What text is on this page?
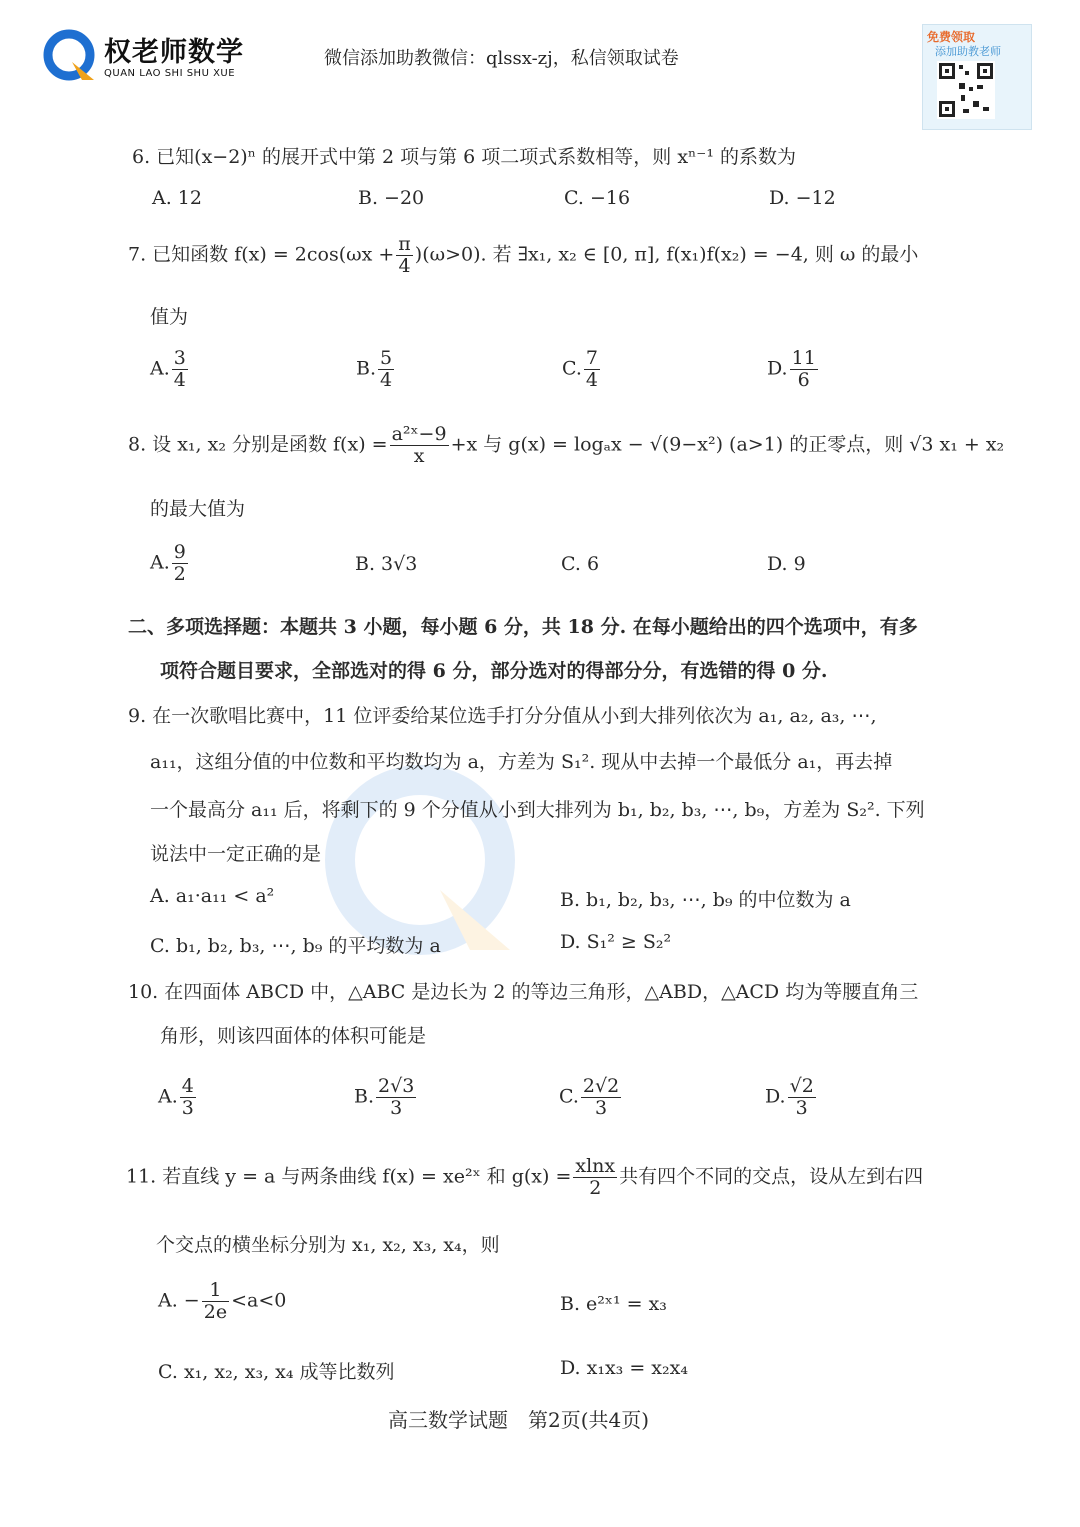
权老师数学
QUAN LAO SHI SHU XUE
微信添加助教微信：qlssx-zj，私信领取试卷
免费领取
添加助教老师
6. 已知(x−2)ⁿ 的展开式中第 2 项与第 6 项二项式系数相等，则 xⁿ⁻¹ 的系数为
A. 12	B. −20	C. −16	D. −12
7. 已知函数 $f(x) = 2\cos(\omega x + \frac{\pi}{4} )(\omega>0)$. 若 ∃x₁, x₂ ∈ [0, π], f(x₁)f(x₂) = −4, 则 ω 的最小
值为
A. $\frac{3}{4}$	B. $\frac{5}{4}$	C. $\frac{7}{4}$	D. $\frac{11}{6}$
8. 设 x₁, x₂ 分别是函数 $f(x) = \frac{\text{a²ˣ−9}}{x} +x$ 与 g(x) = logₐx − √(9−x²) (a>1) 的正零点，则 √3 x₁ + x₂
的最大值为
A. $\frac{9}{2}$	B. 3√3	C. 6	D. 9
二、多项选择题：本题共 3 小题，每小题 6 分，共 18 分. 在每小题给出的四个选项中，有多
项符合题目要求，全部选对的得 6 分，部分选对的得部分分，有选错的得 0 分.
9. 在一次歌唱比赛中，11 位评委给某位选手打分分值从小到大排列依次为 a₁, a₂, a₃, ⋯,
a₁₁，这组分值的中位数和平均数均为 a，方差为 S₁². 现从中去掉一个最低分 a₁，再去掉
一个最高分 a₁₁ 后，将剩下的 9 个分值从小到大排列为 b₁, b₂, b₃, ⋯, b₉，方差为 S₂². 下列
说法中一定正确的是
A. a₁·a₁₁ < a²	B. b₁, b₂, b₃, ⋯, b₉ 的中位数为 a
C. b₁, b₂, b₃, ⋯, b₉ 的平均数为 a	D. S₁² ≥ S₂²
10. 在四面体 ABCD 中，△ABC 是边长为 2 的等边三角形，△ABD，△ACD 均为等腰直角三
角形，则该四面体的体积可能是
A. $\frac{4}{3}$	B. $\frac{2√3}{3}$	C. $\frac{2√2}{3}$	D. $\frac{√2}{3}$
11. 若直线 y = a 与两条曲线 f(x) = xe²ˣ 和 $g(x) = \frac{xlnx}{2}$ 共有四个不同的交点，设从左到右四
个交点的横坐标分别为 x₁, x₂, x₃, x₄，则
A. − $\frac{1}{2e} <a<0$	B. e²ˣ¹ = x₃
C. x₁, x₂, x₃, x₄ 成等比数列	D. x₁x₃ = x₂x₄
高三数学试题　第2页(共4页)
